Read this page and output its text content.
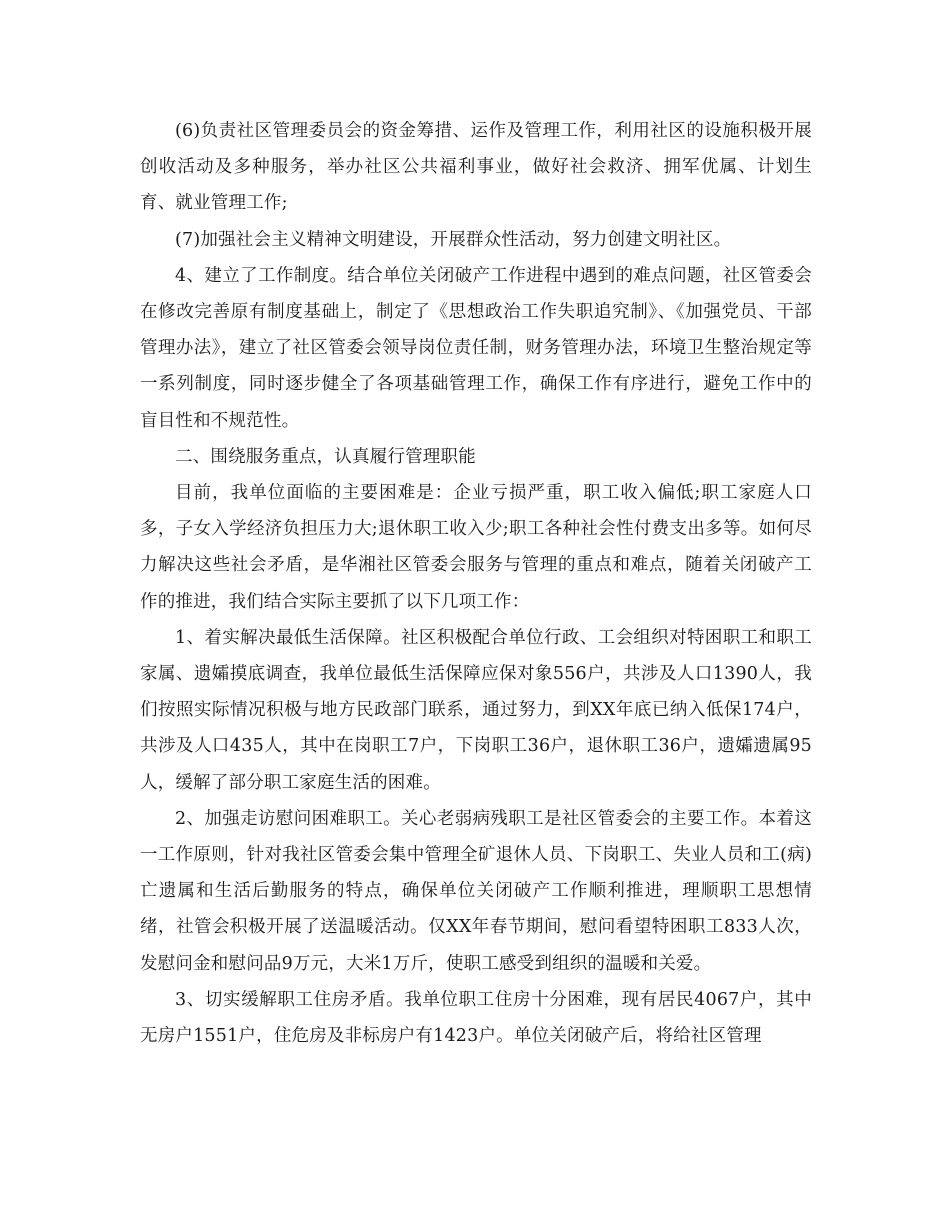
(6)负责社区管理委员会的资金筹措、运作及管理工作，利用社区的设施积极开展创收活动及多种服务，举办社区公共福利事业，做好社会救济、拥军优属、计划生育、就业管理工作;

(7)加强社会主义精神文明建设，开展群众性活动，努力创建文明社区。

4、建立了工作制度。结合单位关闭破产工作进程中遇到的难点问题，社区管委会在修改完善原有制度基础上，制定了《思想政治工作失职追究制》、《加强党员、干部管理办法》，建立了社区管委会领导岗位责任制，财务管理办法，环境卫生整治规定等一系列制度，同时逐步健全了各项基础管理工作，确保工作有序进行，避免工作中的盲目性和不规范性。

二、围绕服务重点，认真履行管理职能

目前，我单位面临的主要困难是：企业亏损严重，职工收入偏低;职工家庭人口多，子女入学经济负担压力大;退休职工收入少;职工各种社会性付费支出多等。如何尽力解决这些社会矛盾，是华湘社区管委会服务与管理的重点和难点，随着关闭破产工作的推进，我们结合实际主要抓了以下几项工作：

1、着实解决最低生活保障。社区积极配合单位行政、工会组织对特困职工和职工家属、遗孀摸底调查，我单位最低生活保障应保对象556户，共涉及人口1390人，我们按照实际情况积极与地方民政部门联系，通过努力，到XX年底已纳入低保174户，共涉及人口435人，其中在岗职工7户，下岗职工36户，退休职工36户，遗孀遗属95人，缓解了部分职工家庭生活的困难。

2、加强走访慰问困难职工。关心老弱病残职工是社区管委会的主要工作。本着这一工作原则，针对我社区管委会集中管理全矿退休人员、下岗职工、失业人员和工(病)亡遗属和生活后勤服务的特点，确保单位关闭破产工作顺利推进，理顺职工思想情绪，社管会积极开展了送温暖活动。仅XX年春节期间，慰问看望特困职工833人次，发慰问金和慰问品9万元，大米1万斤，使职工感受到组织的温暖和关爱。

3、切实缓解职工住房矛盾。我单位职工住房十分困难，现有居民4067户，其中无房户1551户，住危房及非标房户有1423户。单位关闭破产后，将给社区管理
